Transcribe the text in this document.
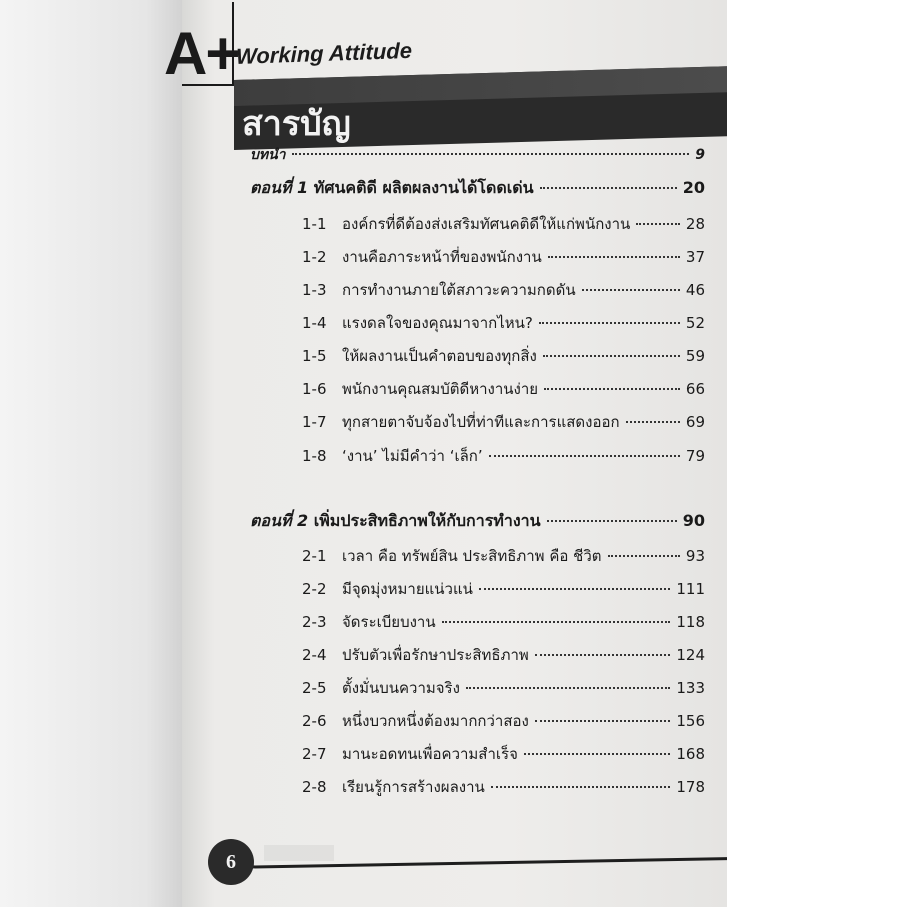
A+
Working Attitude
สารบัญ
บทนำ	9
ตอนที่ 1 ทัศนคติดี ผลิตผลงานได้โดดเด่น	20
1-1 องค์กรที่ดีต้องส่งเสริมทัศนคติดีให้แก่พนักงาน	28
1-2 งานคือภาระหน้าที่ของพนักงาน	37
1-3 การทำงานภายใต้สภาวะความกดดัน	46
1-4 แรงดลใจของคุณมาจากไหน?	52
1-5 ให้ผลงานเป็นคำตอบของทุกสิ่ง	59
1-6 พนักงานคุณสมบัติดีหางานง่าย	66
1-7 ทุกสายตาจับจ้องไปที่ท่าทีและการแสดงออก	69
1-8 ‘งาน’ ไม่มีคำว่า ‘เล็ก’	79
ตอนที่ 2 เพิ่มประสิทธิภาพให้กับการทำงาน	90
2-1 เวลา คือ ทรัพย์สิน ประสิทธิภาพ คือ ชีวิต	93
2-2 มีจุดมุ่งหมายแน่วแน่	111
2-3 จัดระเบียบงาน	118
2-4 ปรับตัวเพื่อรักษาประสิทธิภาพ	124
2-5 ตั้งมั่นบนความจริง	133
2-6 หนึ่งบวกหนึ่งต้องมากกว่าสอง	156
2-7 มานะอดทนเพื่อความสำเร็จ	168
2-8 เรียนรู้การสร้างผลงาน	178
6
